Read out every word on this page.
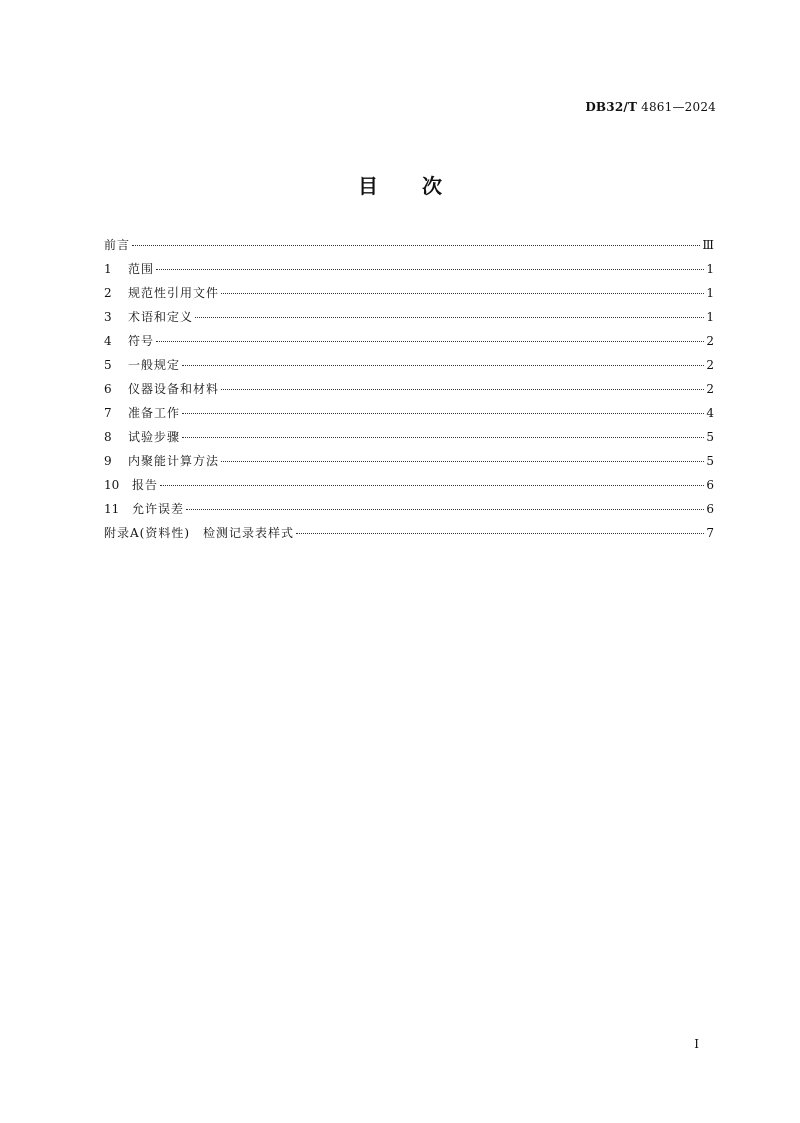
DB32/T 4861—2024
目 次
前言	Ⅲ
1	范围	1
2	规范性引用文件	1
3	术语和定义	1
4	符号	2
5	一般规定	2
6	仪器设备和材料	2
7	准备工作	4
8	试验步骤	5
9	内聚能计算方法	5
10	报告	6
11	允许误差	6
附录A(资料性)　检测记录表样式	7
I
